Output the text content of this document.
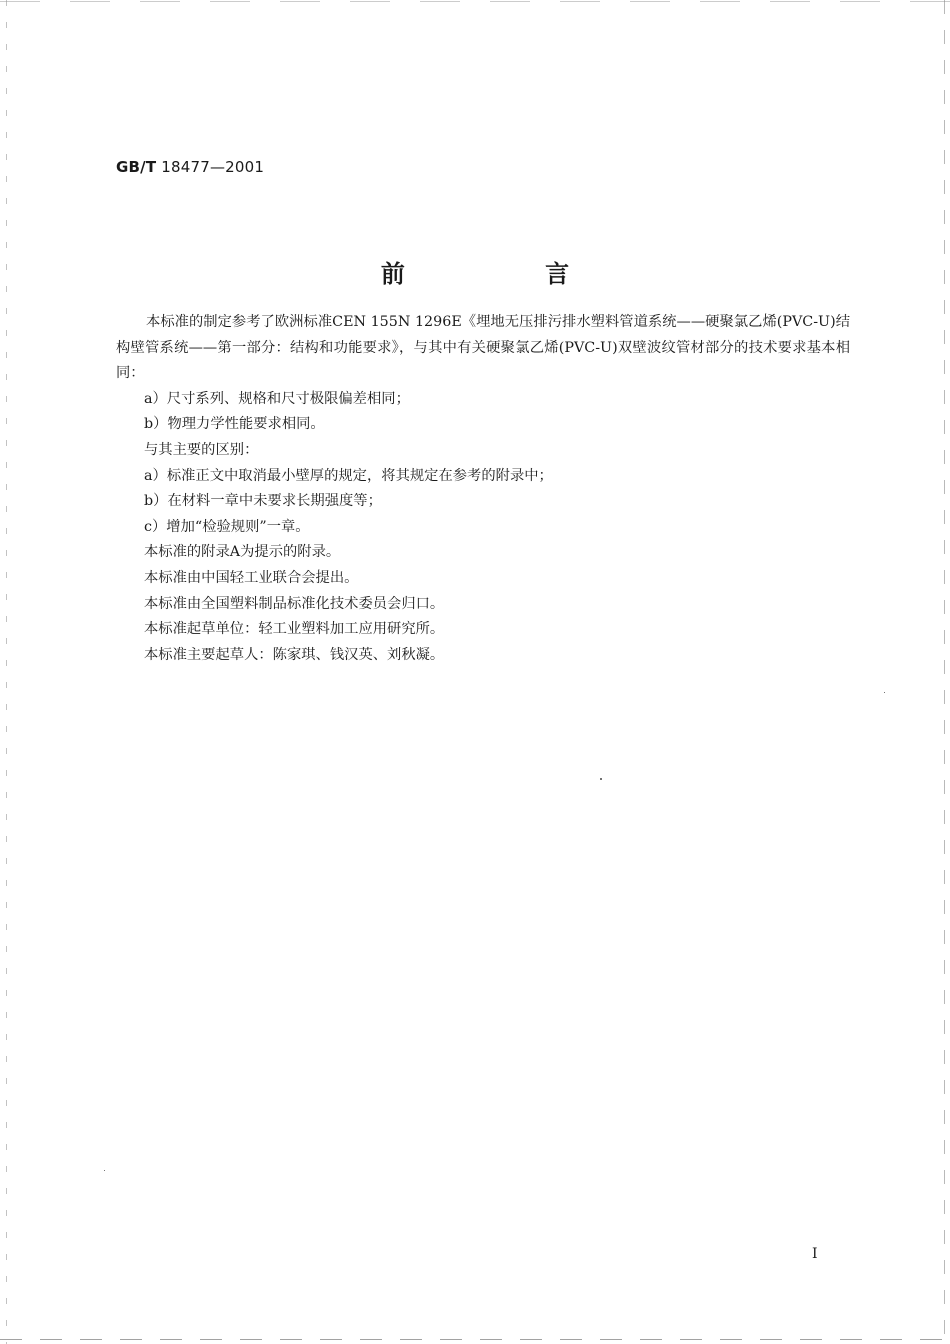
GB/T 18477—2001
前 言

本标准的制定参考了欧洲标准CEN 155N 1296E《埋地无压排污排水塑料管道系统——硬聚氯乙烯(PVC-U)结构壁管系统——第一部分：结构和功能要求》，与其中有关硬聚氯乙烯(PVC-U)双壁波纹管材部分的技术要求基本相同：

a）尺寸系列、规格和尺寸极限偏差相同；

b）物理力学性能要求相同。

与其主要的区别：

a）标准正文中取消最小壁厚的规定，将其规定在参考的附录中；

b）在材料一章中未要求长期强度等；

c）增加“检验规则”一章。

本标准的附录A为提示的附录。

本标准由中国轻工业联合会提出。

本标准由全国塑料制品标准化技术委员会归口。

本标准起草单位：轻工业塑料加工应用研究所。

本标准主要起草人：陈家琪、钱汉英、刘秋凝。

I
